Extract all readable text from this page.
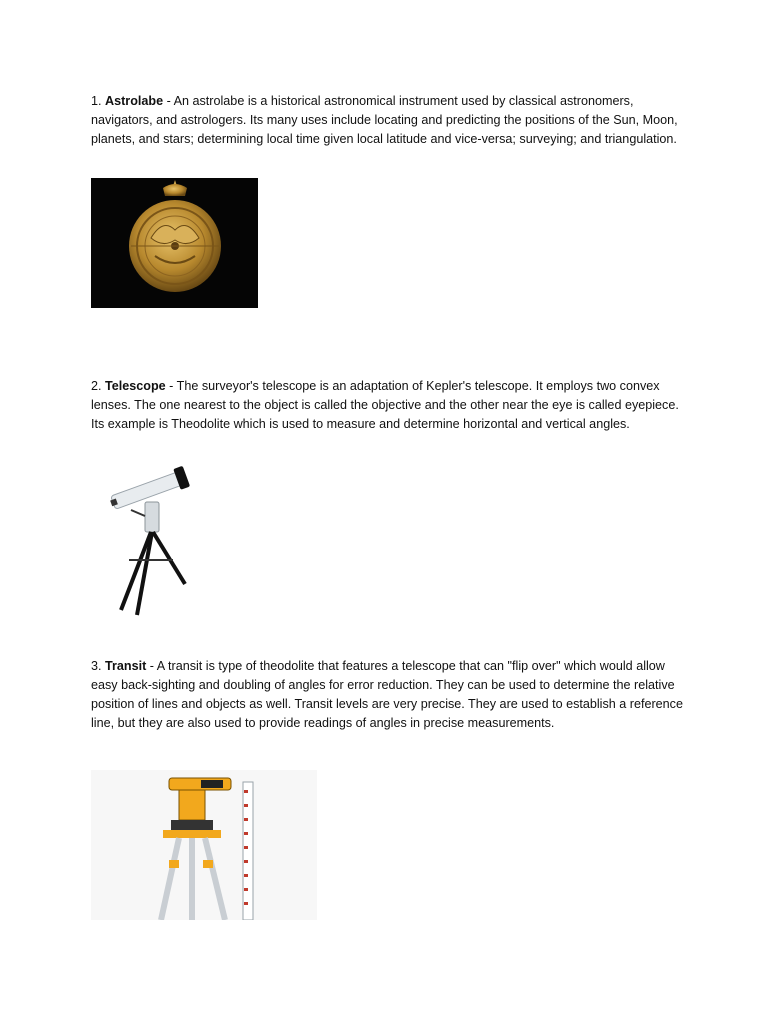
1. Astrolabe - An astrolabe is a historical astronomical instrument used by classical astronomers, navigators, and astrologers. Its many uses include locating and predicting the positions of the Sun, Moon, planets, and stars; determining local time given local latitude and vice-versa; surveying; and triangulation.

2. Telescope - The surveyor's telescope is an adaptation of Kepler's telescope. It employs two convex lenses. The one nearest to the object is called the objective and the other near the eye is called eyepiece. Its example is Theodolite which is used to measure and determine horizontal and vertical angles.

3. Transit - A transit is type of theodolite that features a telescope that can "flip over" which would allow easy back-sighting and doubling of angles for error reduction. They can be used to determine the relative position of lines and objects as well. Transit levels are very precise. They are used to establish a reference line, but they are also used to provide readings of angles in precise measurements.
